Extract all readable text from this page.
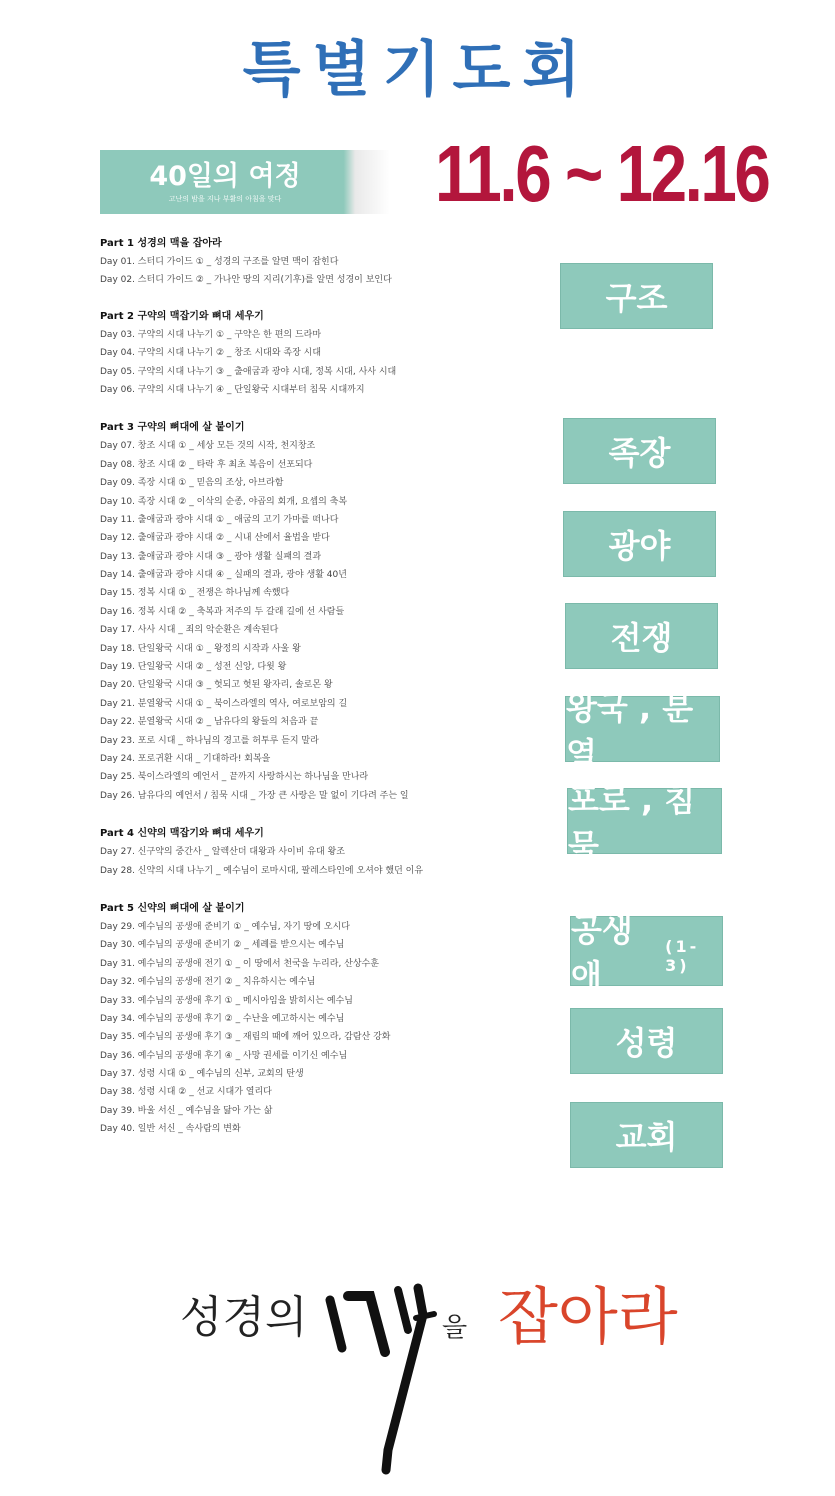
특별기도회
40일의 여정
고난의 밤을 지나 부활의 아침을 맞다	11.6 ~ 12.16
Part 1 성경의 맥을 잡아라
Day 01. 스터디 가이드 ① _ 성경의 구조를 알면 맥이 잡힌다
Day 02. 스터디 가이드 ② _ 가나안 땅의 지리(기후)를 알면 성경이 보인다
Part 2 구약의 맥잡기와 뼈대 세우기
Day 03. 구약의 시대 나누기 ① _ 구약은 한 편의 드라마
Day 04. 구약의 시대 나누기 ② _ 창조 시대와 족장 시대
Day 05. 구약의 시대 나누기 ③ _ 출애굽과 광야 시대, 정복 시대, 사사 시대
Day 06. 구약의 시대 나누기 ④ _ 단일왕국 시대부터 침묵 시대까지
Part 3 구약의 뼈대에 살 붙이기
Day 07. 창조 시대 ① _ 세상 모든 것의 시작, 천지창조
Day 08. 창조 시대 ② _ 타락 후 최초 복음이 선포되다
Day 09. 족장 시대 ① _ 믿음의 조상, 아브라함
Day 10. 족장 시대 ② _ 이삭의 순종, 야곱의 회개, 요셉의 축복
Day 11. 출애굽과 광야 시대 ① _ 애굽의 고기 가마를 떠나다
Day 12. 출애굽과 광야 시대 ② _ 시내 산에서 율법을 받다
Day 13. 출애굽과 광야 시대 ③ _ 광야 생활 실패의 결과
Day 14. 출애굽과 광야 시대 ④ _ 실패의 결과, 광야 생활 40년
Day 15. 정복 시대 ① _ 전쟁은 하나님께 속했다
Day 16. 정복 시대 ② _ 축복과 저주의 두 갈래 길에 선 사람들
Day 17. 사사 시대 _ 죄의 악순환은 계속된다
Day 18. 단일왕국 시대 ① _ 왕정의 시작과 사울 왕
Day 19. 단일왕국 시대 ② _ 성전 신앙, 다윗 왕
Day 20. 단일왕국 시대 ③ _ 헛되고 헛된 왕자리, 솔로몬 왕
Day 21. 분열왕국 시대 ① _ 북이스라엘의 역사, 여로보암의 길
Day 22. 분열왕국 시대 ② _ 남유다의 왕들의 처음과 끝
Day 23. 포로 시대 _ 하나님의 경고를 허투루 듣지 말라
Day 24. 포로귀환 시대 _ 기대하라! 회복을
Day 25. 북이스라엘의 예언서 _ 끝까지 사랑하시는 하나님을 만나라
Day 26. 남유다의 예언서 / 침묵 시대 _ 가장 큰 사랑은 말 없이 기다려 주는 일
Part 4 신약의 맥잡기와 뼈대 세우기
Day 27. 신구약의 중간사 _ 알렉산더 대왕과 사이비 유대 왕조
Day 28. 신약의 시대 나누기 _ 예수님이 로마시대, 팔레스타인에 오셔야 했던 이유
Part 5 신약의 뼈대에 살 붙이기
Day 29. 예수님의 공생애 준비기 ① _ 예수님, 자기 땅에 오시다
Day 30. 예수님의 공생애 준비기 ② _ 세례를 받으시는 예수님
Day 31. 예수님의 공생애 전기 ① _ 이 땅에서 천국을 누리라, 산상수훈
Day 32. 예수님의 공생애 전기 ② _ 치유하시는 예수님
Day 33. 예수님의 공생애 후기 ① _ 메시아임을 밝히시는 예수님
Day 34. 예수님의 공생애 후기 ② _ 수난을 예고하시는 예수님
Day 35. 예수님의 공생애 후기 ③ _ 재림의 때에 깨어 있으라, 감람산 강화
Day 36. 예수님의 공생애 후기 ④ _ 사망 권세를 이기신 예수님
Day 37. 성령 시대 ① _ 예수님의 신부, 교회의 탄생
Day 38. 성령 시대 ② _ 선교 시대가 열리다
Day 39. 바울 서신 _ 예수님을 닮아 가는 삶
Day 40. 일반 서신 _ 속사람의 변화
구조
족장
광야
전쟁
왕국 , 분열
포로 , 침묵
공생애
(1-3)
성령
교회
성경의	을 잡아라
